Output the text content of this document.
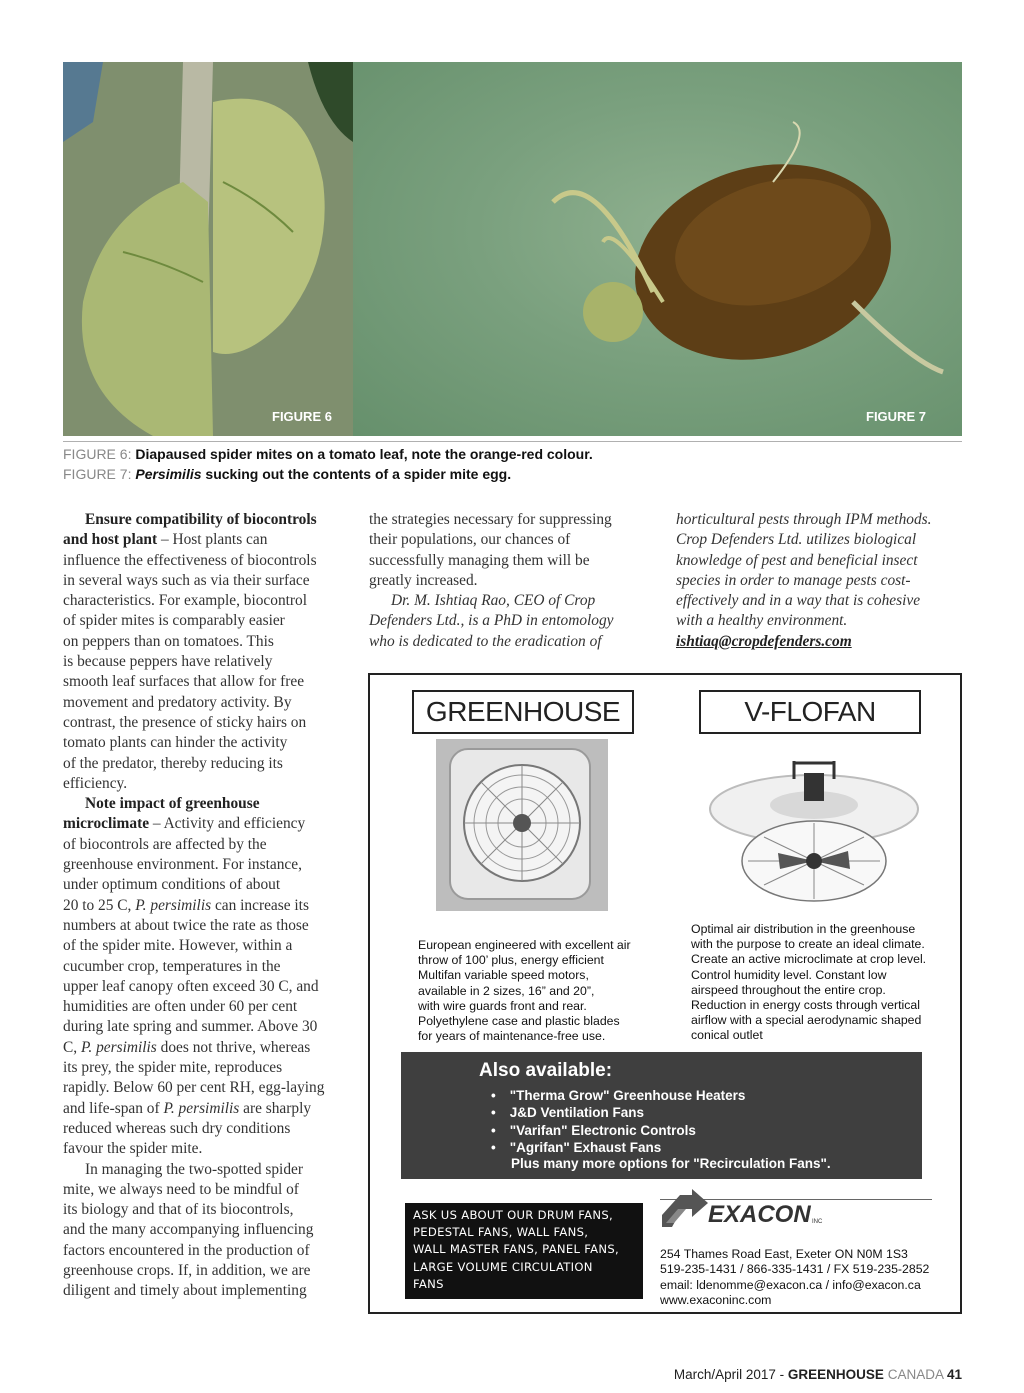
FIGURE 6	FIGURE 7
FIGURE 6: Diapaused spider mites on a tomato leaf, note the orange-red colour.
FIGURE 7: Persimilis sucking out the contents of a spider mite egg.
Ensure compatibility of biocontrols
and host plant – Host plants can
influence the effectiveness of biocontrols
in several ways such as via their surface
characteristics. For example, biocontrol
of spider mites is comparably easier
on peppers than on tomatoes. This
is because peppers have relatively
smooth leaf surfaces that allow for free
movement and predatory activity. By
contrast, the presence of sticky hairs on
tomato plants can hinder the activity
of the predator, thereby reducing its
efficiency.
Note impact of greenhouse
microclimate – Activity and efficiency
of biocontrols are affected by the
greenhouse environment. For instance,
under optimum conditions of about
20 to 25 C, P. persimilis can increase its
numbers at about twice the rate as those
of the spider mite. However, within a
cucumber crop, temperatures in the
upper leaf canopy often exceed 30 C, and
humidities are often under 60 per cent
during late spring and summer. Above 30
C, P. persimilis does not thrive, whereas
its prey, the spider mite, reproduces
rapidly. Below 60 per cent RH, egg-laying
and life-span of P. persimilis are sharply
reduced whereas such dry conditions
favour the spider mite.
In managing the two-spotted spider
mite, we always need to be mindful of
its biology and that of its biocontrols,
and the many accompanying influencing
factors encountered in the production of
greenhouse crops. If, in addition, we are
diligent and timely about implementing
the strategies necessary for suppressing
their populations, our chances of
successfully managing them will be
greatly increased.
Dr. M. Ishtiaq Rao, CEO of Crop
Defenders Ltd., is a PhD in entomology
who is dedicated to the eradication of
horticultural pests through IPM methods.
Crop Defenders Ltd. utilizes biological
knowledge of pest and beneficial insect
species in order to manage pests cost-
effectively and in a way that is cohesive
with a healthy environment.
ishtiaq@cropdefenders.com
GREENHOUSE	V-FLOFAN
European engineered with excellent air
throw of 100’ plus, energy efficient
Multifan variable speed motors,
available in 2 sizes, 16” and 20”,
with wire guards front and rear.
Polyethylene case and plastic blades
for years of maintenance-free use.
Optimal air distribution in the greenhouse
with the purpose to create an ideal climate.
Create an active microclimate at crop level.
Control humidity level. Constant low
airspeed throughout the entire crop.
Reduction in energy costs through vertical
airflow with a special aerodynamic shaped
conical outlet
Also available:
• "Therma Grow" Greenhouse Heaters
• J&D Ventilation Fans
• "Varifan" Electronic Controls
• "Agrifan" Exhaust Fans
Plus many more options for "Recirculation Fans".
ASK US ABOUT OUR DRUM FANS,
PEDESTAL FANS, WALL FANS,
WALL MASTER FANS, PANEL FANS,
LARGE VOLUME CIRCULATION
FANS
EXACON INC
254 Thames Road East, Exeter ON N0M 1S3
519-235-1431 / 866-335-1431 / FX 519-235-2852
email: ldenomme@exacon.ca / info@exacon.ca
www.exaconinc.com
March/April 2017 - GREENHOUSE CANADA 41
